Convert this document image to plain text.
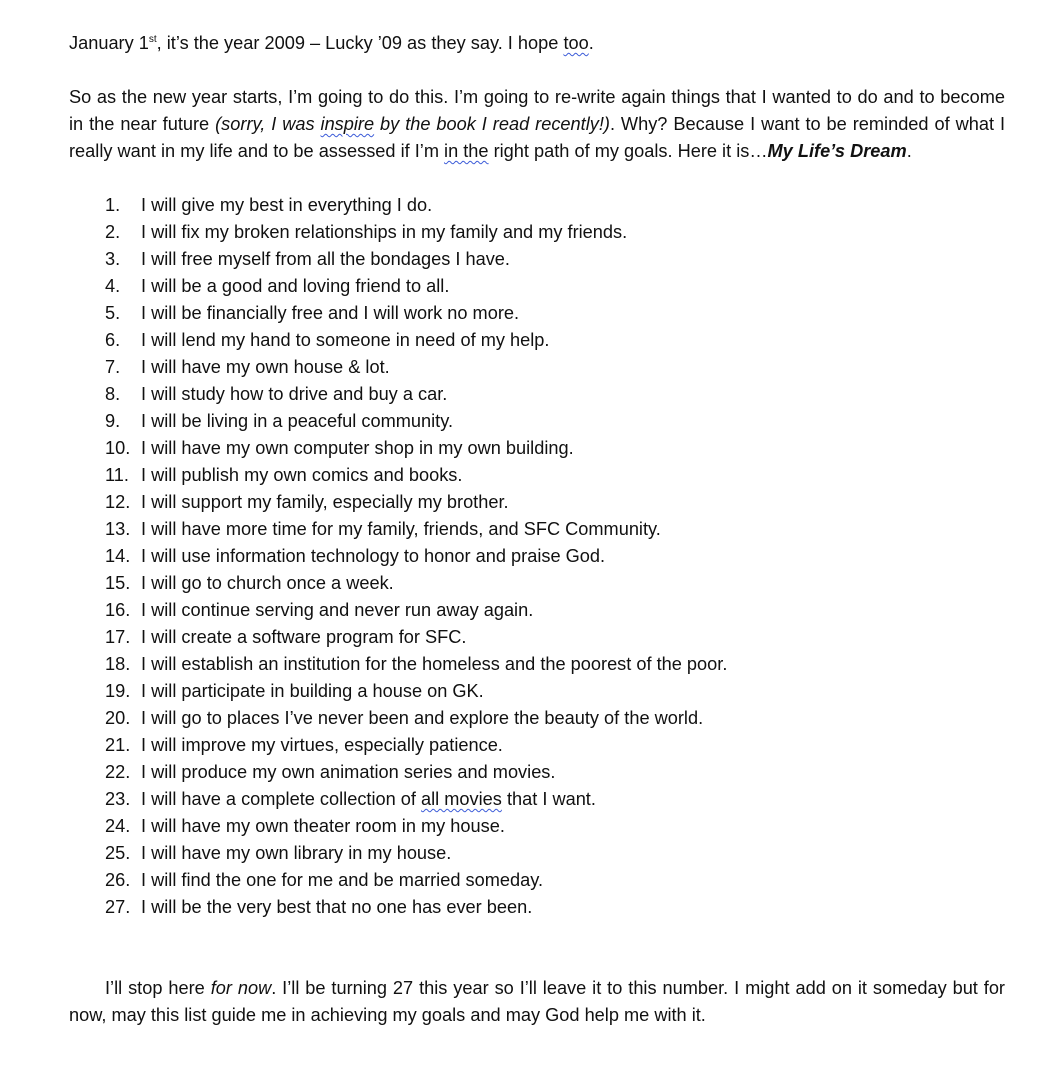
January 1st, it’s the year 2009 – Lucky ’09 as they say. I hope too.
So as the new year starts, I’m going to do this. I’m going to re-write again things that I wanted to do and to become in the near future (sorry, I was inspire by the book I read recently!). Why? Because I want to be reminded of what I really want in my life and to be assessed if I’m in the right path of my goals. Here it is…My Life’s Dream.
1.	I will give my best in everything I do.
2.	I will fix my broken relationships in my family and my friends.
3.	I will free myself from all the bondages I have.
4.	I will be a good and loving friend to all.
5.	I will be financially free and I will work no more.
6.	I will lend my hand to someone in need of my help.
7.	I will have my own house & lot.
8.	I will study how to drive and buy a car.
9.	I will be living in a peaceful community.
10. I will have my own computer shop in my own building.
11. I will publish my own comics and books.
12. I will support my family, especially my brother.
13. I will have more time for my family, friends, and SFC Community.
14. I will use information technology to honor and praise God.
15. I will go to church once a week.
16. I will continue serving and never run away again.
17. I will create a software program for SFC.
18. I will establish an institution for the homeless and the poorest of the poor.
19. I will participate in building a house on GK.
20. I will go to places I’ve never been and explore the beauty of the world.
21. I will improve my virtues, especially patience.
22. I will produce my own animation series and movies.
23. I will have a complete collection of all movies that I want.
24. I will have my own theater room in my house.
25. I will have my own library in my house.
26. I will find the one for me and be married someday.
27. I will be the very best that no one has ever been.
I’ll stop here for now. I’ll be turning 27 this year so I’ll leave it to this number. I might add on it someday but for now, may this list guide me in achieving my goals and may God help me with it.
